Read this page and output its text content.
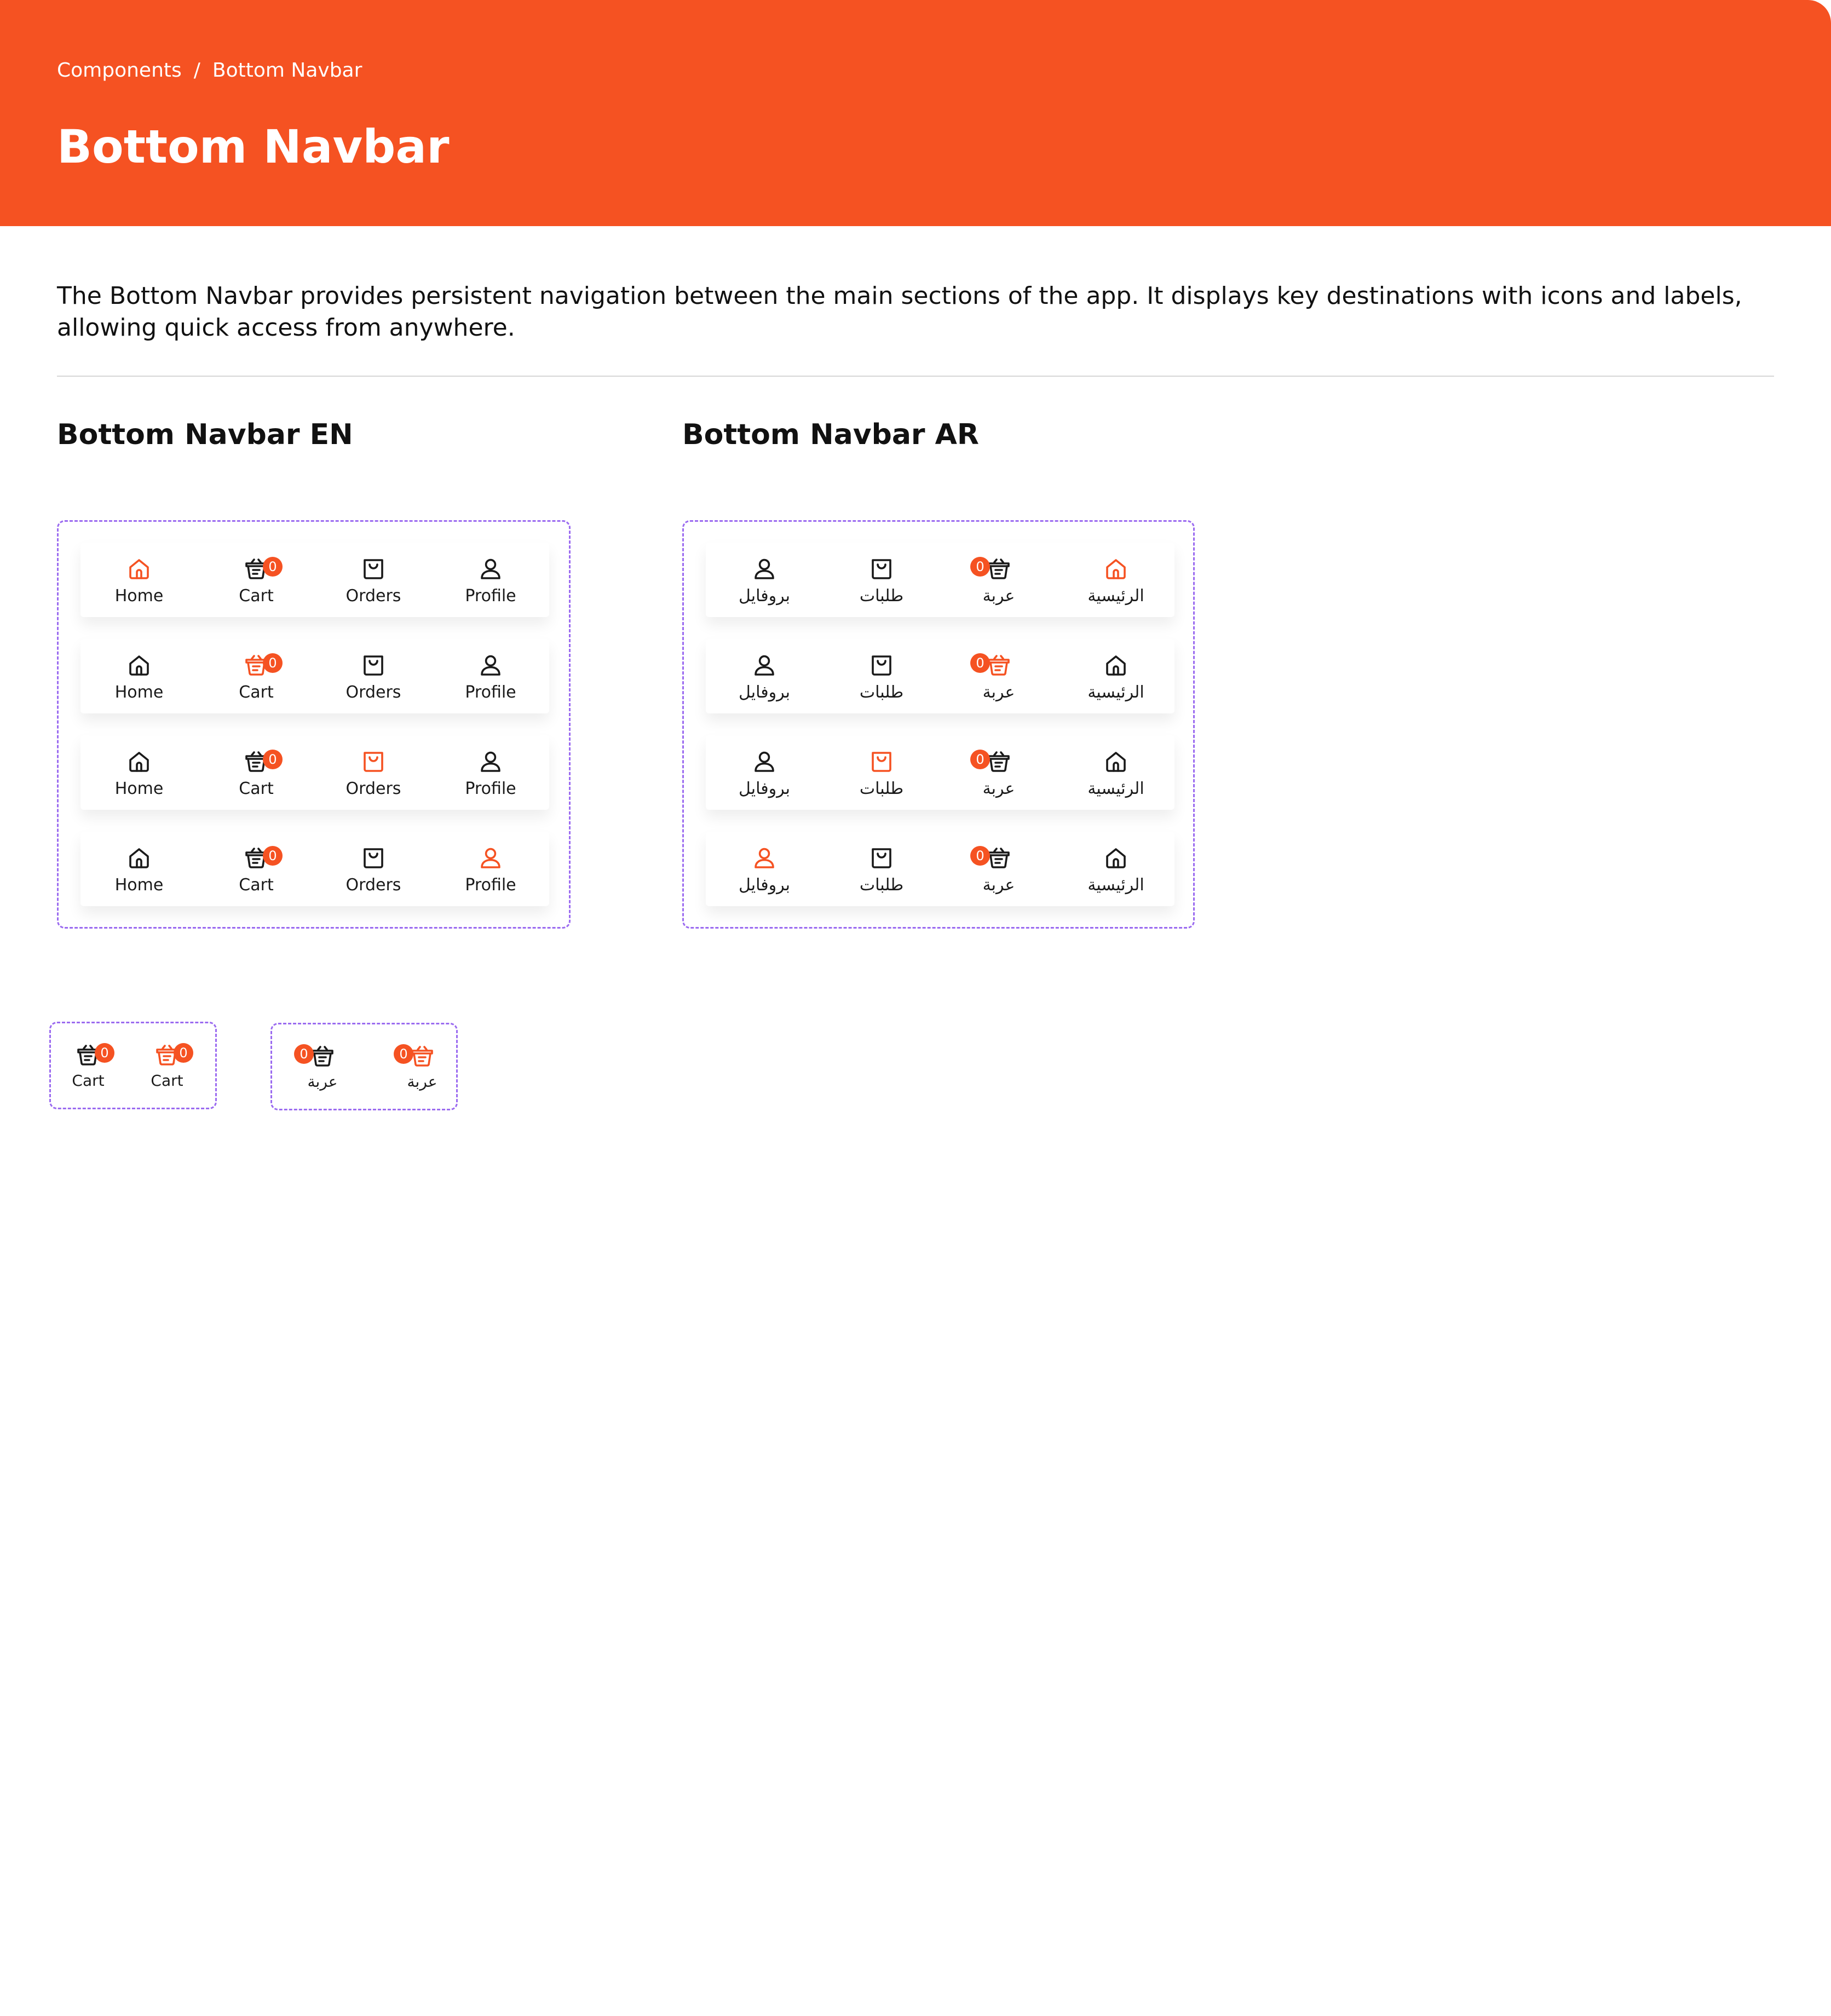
Components / Bottom Navbar
Bottom Navbar
The Bottom Navbar provides persistent navigation between the main sections of the app. It displays key destinations with icons and labels, allowing quick access from anywhere.
Bottom Navbar EN	Bottom Navbar AR
Home
0
Cart	Orders	Profile
Home
0
Cart	Orders	Profile
Home
0
Cart	Orders	Profile
Home
0
Cart	Orders	Profile
الرئيسية
0
عربة
طلبات
بروفايل
الرئيسية
0
عربة
طلبات
بروفايل
الرئيسية
0
عربة
طلبات
بروفايل
الرئيسية
0
عربة
طلبات
بروفايل
0
Cart
0
Cart
0
عربة
0
عربة
